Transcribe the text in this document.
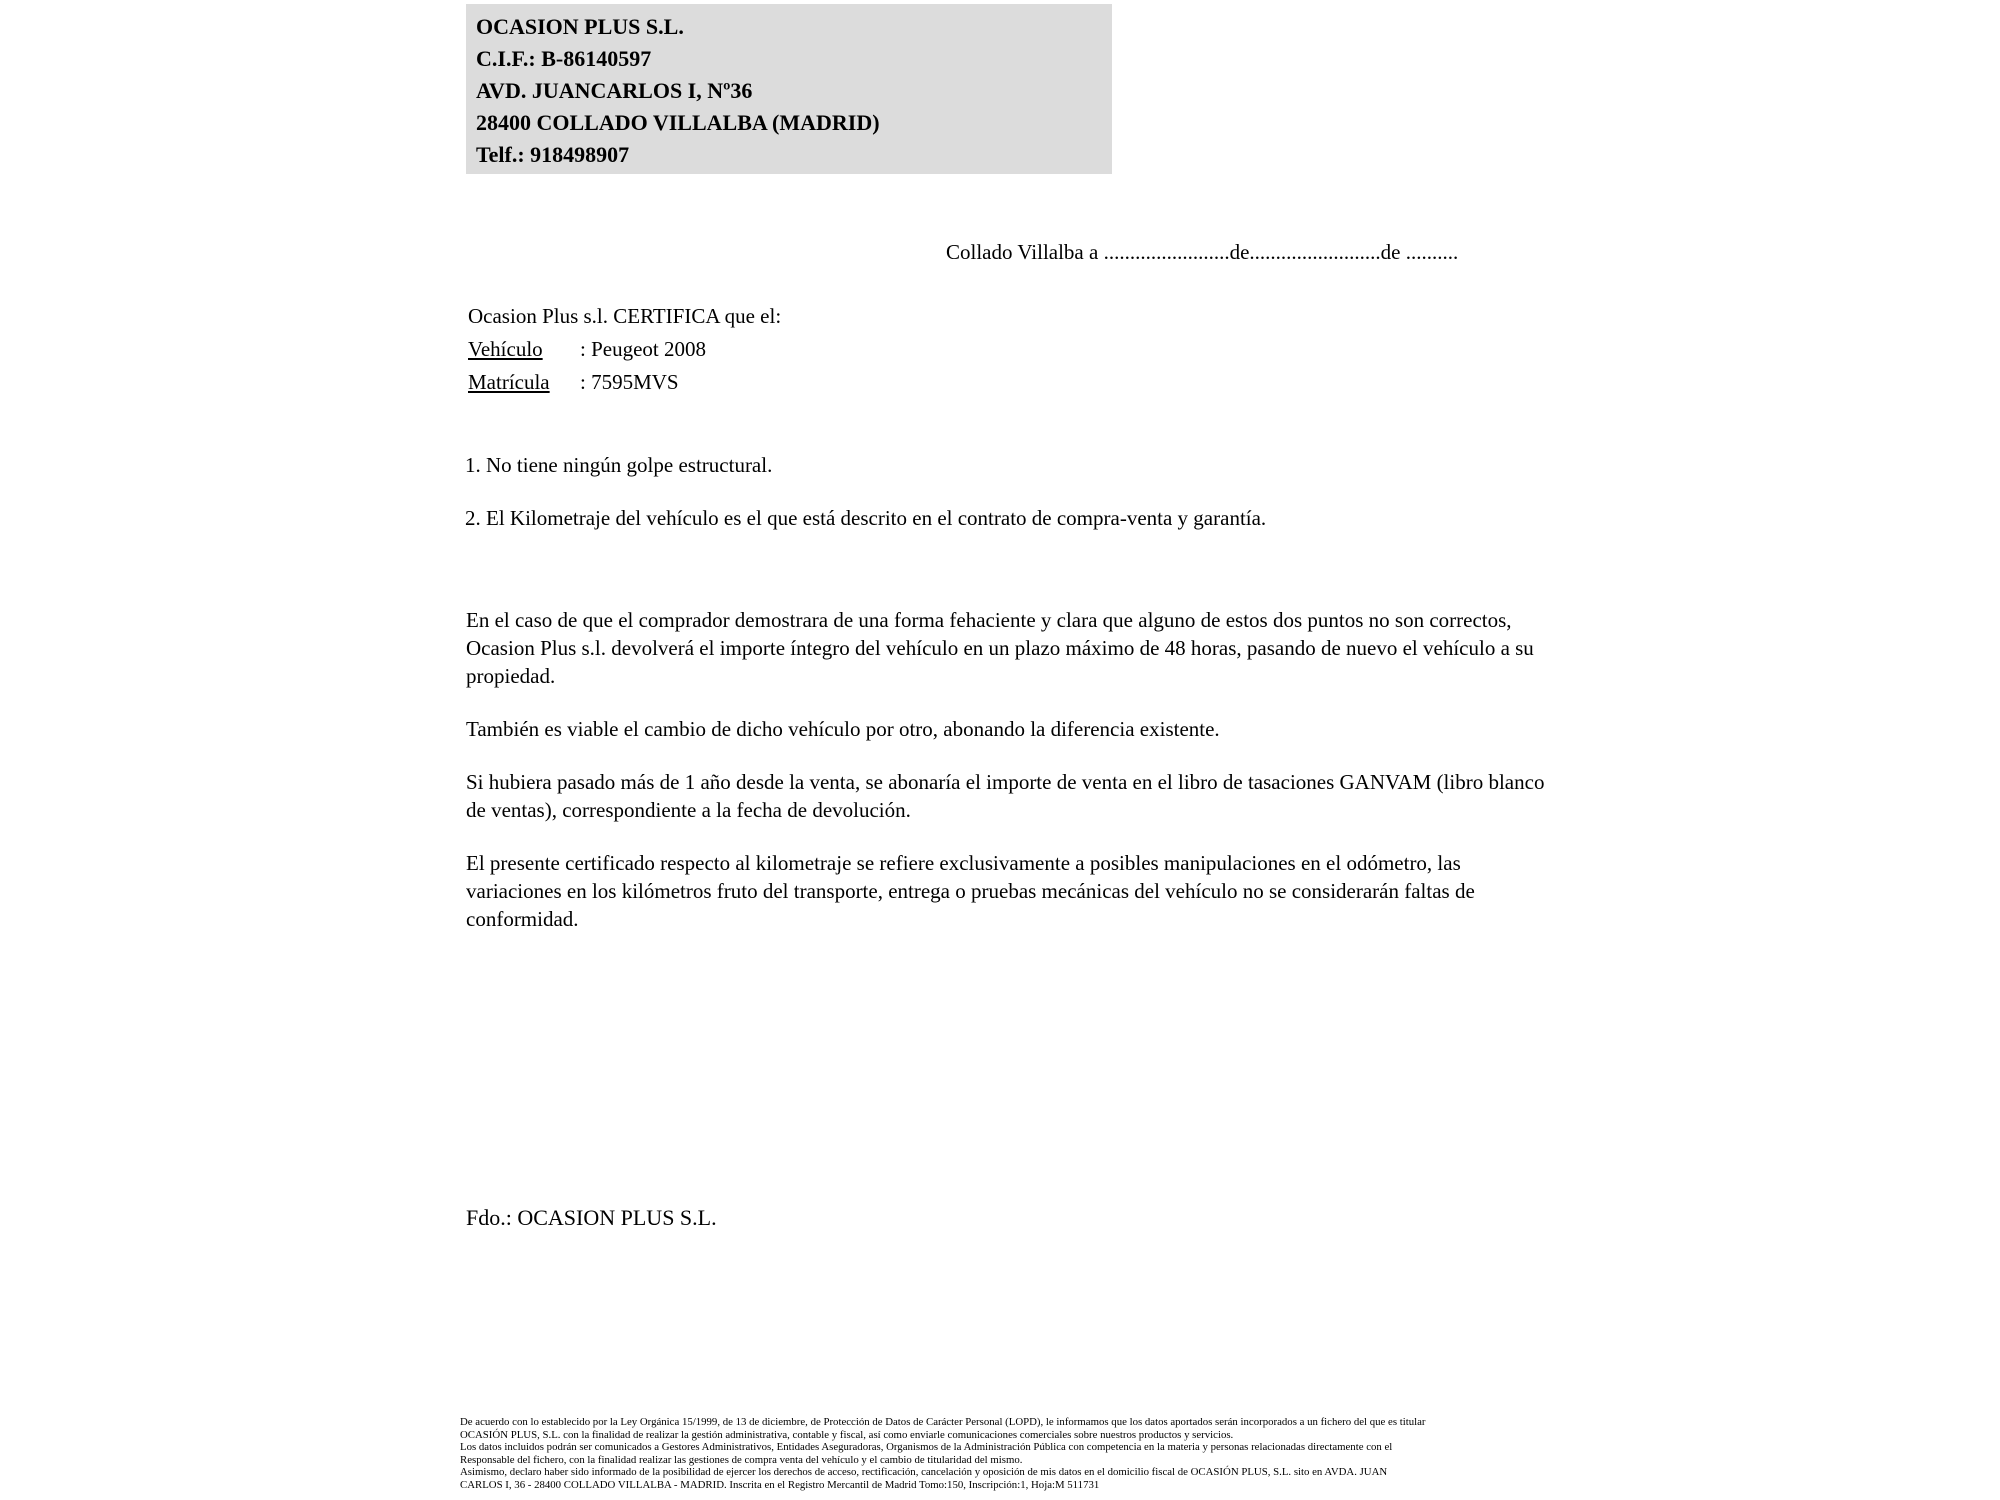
OCASION PLUS S.L.
C.I.F.: B-86140597
AVD. JUANCARLOS I, Nº36
28400 COLLADO VILLALBA (MADRID)
Telf.: 918498907
Collado Villalba a ........................de.........................de ..........
Ocasion Plus s.l. CERTIFICA que el:
Vehículo : Peugeot 2008
Matrícula : 7595MVS
1. No tiene ningún golpe estructural.
2. El Kilometraje del vehículo es el que está descrito en el contrato de compra-venta y garantía.

En el caso de que el comprador demostrara de una forma fehaciente y clara que alguno de estos dos puntos no son correctos, Ocasion Plus s.l. devolverá el importe íntegro del vehículo en un plazo máximo de 48 horas, pasando de nuevo el vehículo a su propiedad.

También es viable el cambio de dicho vehículo por otro, abonando la diferencia existente.

Si hubiera pasado más de 1 año desde la venta, se abonaría el importe de venta en el libro de tasaciones GANVAM (libro blanco de ventas), correspondiente a la fecha de devolución.

El presente certificado respecto al kilometraje se refiere exclusivamente a posibles manipulaciones en el odómetro, las variaciones en los kilómetros fruto del transporte, entrega o pruebas mecánicas del vehículo no se considerarán faltas de conformidad.

Fdo.: OCASION PLUS S.L.
De acuerdo con lo establecido por la Ley Orgánica 15/1999, de 13 de diciembre, de Protección de Datos de Carácter Personal (LOPD), le informamos que los datos aportados serán incorporados a un fichero del que es titular
OCASIÓN PLUS, S.L. con la finalidad de realizar la gestión administrativa, contable y fiscal, así como enviarle comunicaciones comerciales sobre nuestros productos y servicios.
Los datos incluidos podrán ser comunicados a Gestores Administrativos, Entidades Aseguradoras, Organismos de la Administración Pública con competencia en la materia y personas relacionadas directamente con el
Responsable del fichero, con la finalidad realizar las gestiones de compra venta del vehículo y el cambio de titularidad del mismo.
Asimismo, declaro haber sido informado de la posibilidad de ejercer los derechos de acceso, rectificación, cancelación y oposición de mis datos en el domicilio fiscal de OCASIÓN PLUS, S.L. sito en AVDA. JUAN
CARLOS I, 36 - 28400 COLLADO VILLALBA - MADRID. Inscrita en el Registro Mercantil de Madrid Tomo:150, Inscripción:1, Hoja:M 511731
